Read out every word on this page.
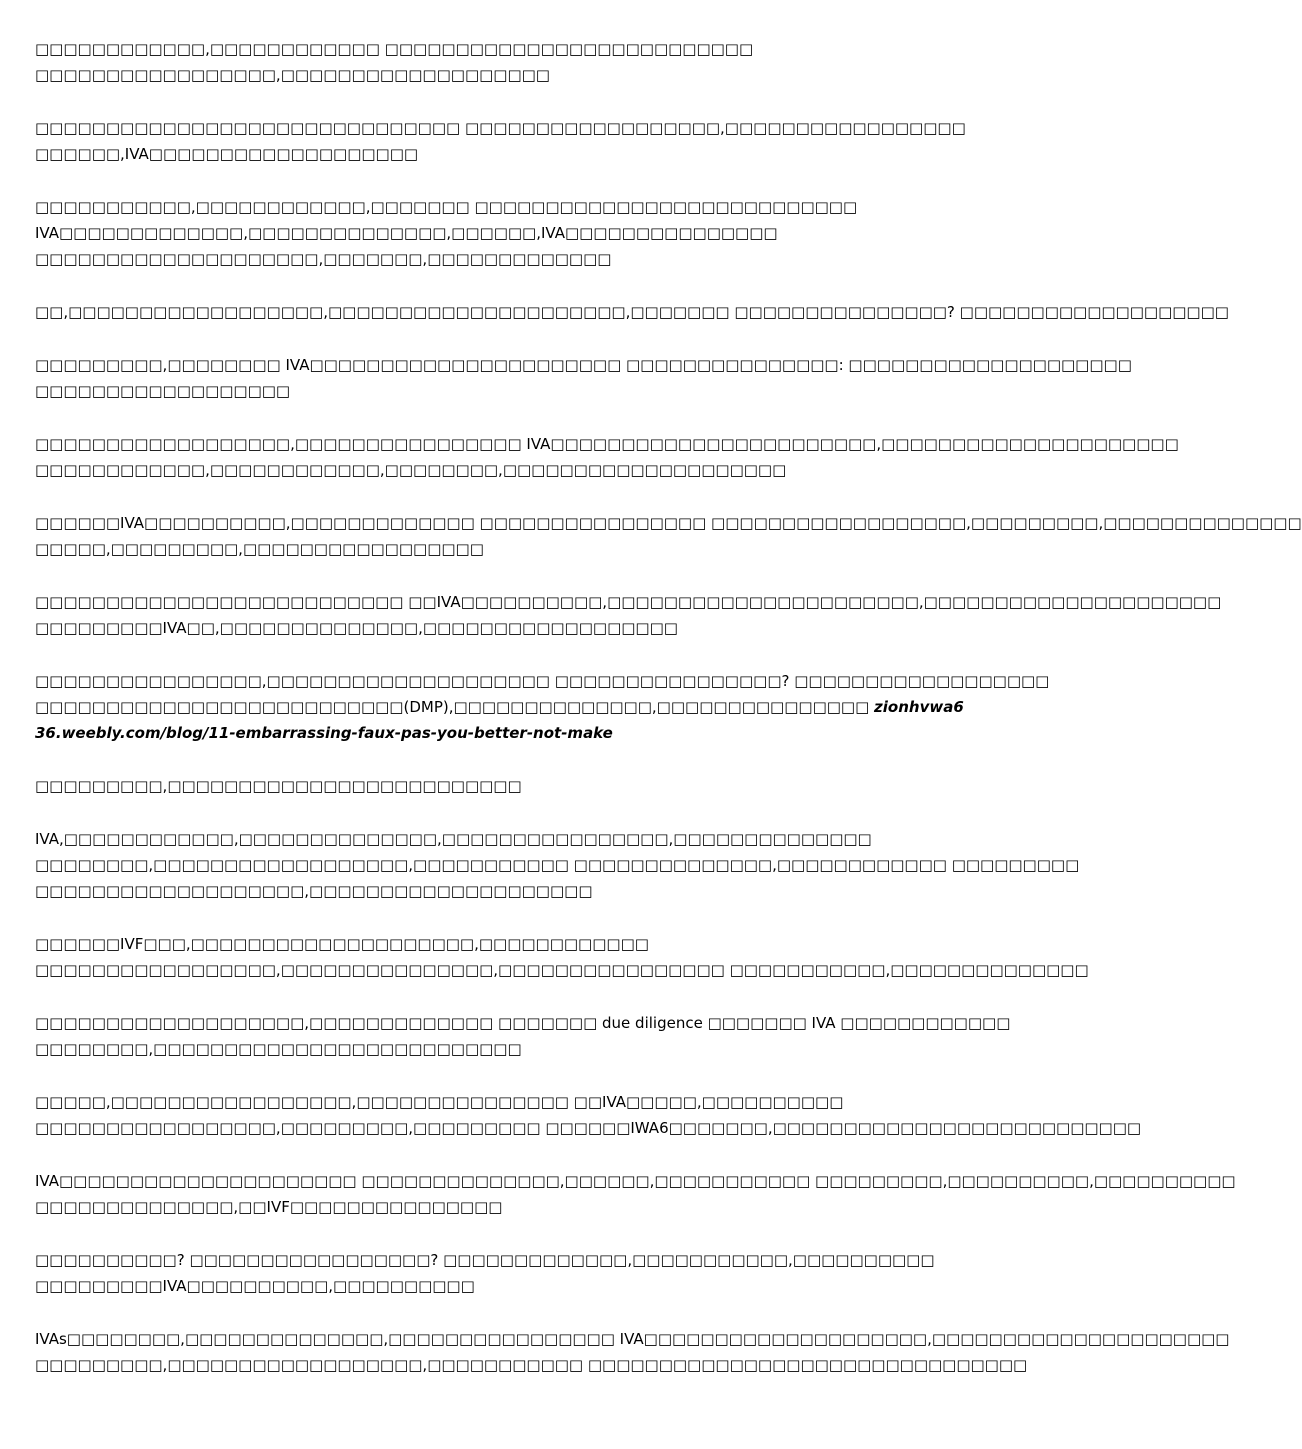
□□□□□□□□□□□□,□□□□□□□□□□□□ □□□□□□□□□□□□□□□□□□□□□□□□□□
□□□□□□□□□□□□□□□□□,□□□□□□□□□□□□□□□□□□□

□□□□□□□□□□□□□□□□□□□□□□□□□□□□□□ □□□□□□□□□□□□□□□□□□,□□□□□□□□□□□□□□□□□
□□□□□□,IVA□□□□□□□□□□□□□□□□□□□

□□□□□□□□□□□,□□□□□□□□□□□□,□□□□□□□ □□□□□□□□□□□□□□□□□□□□□□□□□□□
IVA□□□□□□□□□□□□□,□□□□□□□□□□□□□□,□□□□□□,IVA□□□□□□□□□□□□□□□
□□□□□□□□□□□□□□□□□□□□,□□□□□□□,□□□□□□□□□□□□□

□□,□□□□□□□□□□□□□□□□□□,□□□□□□□□□□□□□□□□□□□□□,□□□□□□□ □□□□□□□□□□□□□□□? □□□□□□□□□□□□□□□□□□□

□□□□□□□□□,□□□□□□□□ IVA□□□□□□□□□□□□□□□□□□□□□□ □□□□□□□□□□□□□□□: □□□□□□□□□□□□□□□□□□□□
□□□□□□□□□□□□□□□□□□

□□□□□□□□□□□□□□□□□□,□□□□□□□□□□□□□□□□ IVA□□□□□□□□□□□□□□□□□□□□□□□,□□□□□□□□□□□□□□□□□□□□□
□□□□□□□□□□□□,□□□□□□□□□□□□,□□□□□□□□,□□□□□□□□□□□□□□□□□□□□

□□□□□□IVA□□□□□□□□□□,□□□□□□□□□□□□□ □□□□□□□□□□□□□□□□ □□□□□□□□□□□□□□□□□□,□□□□□□□□□,□□□□□□□□□□□□□□
□□□□□,□□□□□□□□□,□□□□□□□□□□□□□□□□□

□□□□□□□□□□□□□□□□□□□□□□□□□□ □□IVA□□□□□□□□□□,□□□□□□□□□□□□□□□□□□□□□□,□□□□□□□□□□□□□□□□□□□□□
□□□□□□□□□IVA□□,□□□□□□□□□□□□□□,□□□□□□□□□□□□□□□□□□

□□□□□□□□□□□□□□□□,□□□□□□□□□□□□□□□□□□□□ □□□□□□□□□□□□□□□□? □□□□□□□□□□□□□□□□□□
□□□□□□□□□□□□□□□□□□□□□□□□□□(DMP),□□□□□□□□□□□□□□,□□□□□□□□□□□□□□□ zionhvwa636.weebly.com/blog/11-embarrassing-faux-pas-you-better-not-make

□□□□□□□□□,□□□□□□□□□□□□□□□□□□□□□□□□□

IVA,□□□□□□□□□□□□,□□□□□□□□□□□□□□,□□□□□□□□□□□□□□□□,□□□□□□□□□□□□□□
□□□□□□□□,□□□□□□□□□□□□□□□□□□,□□□□□□□□□□□ □□□□□□□□□□□□□□,□□□□□□□□□□□□ □□□□□□□□□
□□□□□□□□□□□□□□□□□□□,□□□□□□□□□□□□□□□□□□□□

□□□□□□IVF□□□,□□□□□□□□□□□□□□□□□□□□,□□□□□□□□□□□□
□□□□□□□□□□□□□□□□□,□□□□□□□□□□□□□□□,□□□□□□□□□□□□□□□□ □□□□□□□□□□□,□□□□□□□□□□□□□□

□□□□□□□□□□□□□□□□□□□,□□□□□□□□□□□□□ □□□□□□□ due diligence □□□□□□□ IVA □□□□□□□□□□□□
□□□□□□□□,□□□□□□□□□□□□□□□□□□□□□□□□□□

□□□□□,□□□□□□□□□□□□□□□□□,□□□□□□□□□□□□□□□ □□IVA□□□□□,□□□□□□□□□□
□□□□□□□□□□□□□□□□□,□□□□□□□□□,□□□□□□□□□ □□□□□□IWA6□□□□□□□,□□□□□□□□□□□□□□□□□□□□□□□□□□

IVA□□□□□□□□□□□□□□□□□□□□□ □□□□□□□□□□□□□□,□□□□□□,□□□□□□□□□□□ □□□□□□□□□,□□□□□□□□□□,□□□□□□□□□□
□□□□□□□□□□□□□□,□□IVF□□□□□□□□□□□□□□□

□□□□□□□□□□? □□□□□□□□□□□□□□□□□? □□□□□□□□□□□□□,□□□□□□□□□□□,□□□□□□□□□□
□□□□□□□□□IVA□□□□□□□□□□,□□□□□□□□□□

IVAs□□□□□□□□,□□□□□□□□□□□□□□,□□□□□□□□□□□□□□□□ IVA□□□□□□□□□□□□□□□□□□□□,□□□□□□□□□□□□□□□□□□□□□
□□□□□□□□□,□□□□□□□□□□□□□□□□□□,□□□□□□□□□□□ □□□□□□□□□□□□□□□□□□□□□□□□□□□□□□□
